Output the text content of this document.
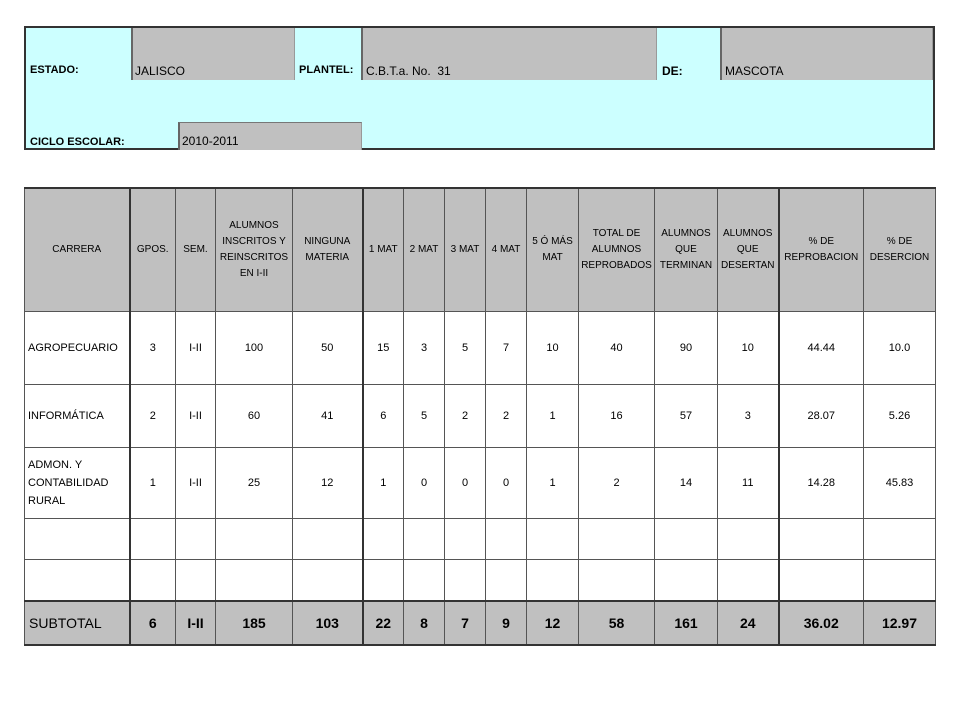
ESTADO:	JALISCO	PLANTEL: C.B.T.a. No.  31	DE:	MASCOTA
CICLO ESCOLAR:	2010-2011
CARRERA	GPOS.	SEM.	ALUMNOS INSCRITOS Y REINSCRITOS EN I-II	NINGUNA MATERIA	1 MAT	2 MAT	3 MAT	4 MAT	5 Ó MÁS MAT	TOTAL DE ALUMNOS REPROBADOS	ALUMNOS QUE TERMINAN	ALUMNOS QUE DESERTAN	% DE REPROBACION	% DE DESERCION
AGROPECUARIO	3	I-II	100	50	15	3	5	7	10	40	90	10	44.44	10.0
INFORMÁTICA	2	I-II	60	41	6	5	2	2	1	16	57	3	28.07	5.26
ADMON. Y CONTABILIDAD RURAL	1	I-II	25	12	1	0	0	0	1	2	14	11	14.28	45.83

SUBTOTAL	6	I-II	185	103	22	8	7	9	12	58	161	24	36.02	12.97
